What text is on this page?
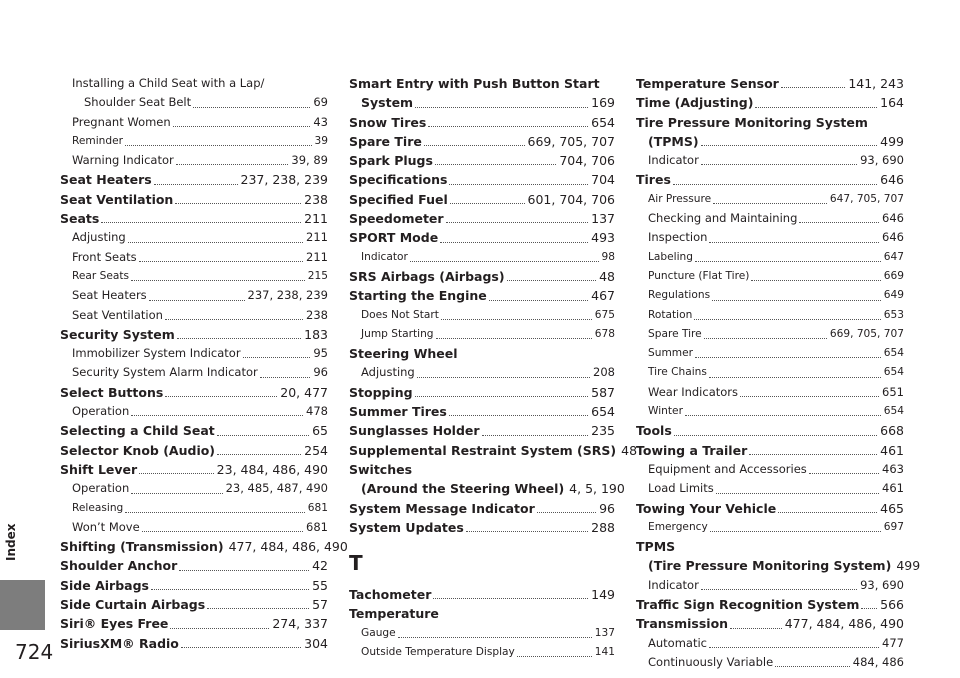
Index
724
Installing a Child Seat with a Lap/
Shoulder Seat Belt	69
Pregnant Women	43
Reminder	39
Warning Indicator	39, 89
Seat Heaters	237, 238, 239
Seat Ventilation	238
Seats	211
Adjusting	211
Front Seats	211
Rear Seats	215
Seat Heaters	237, 238, 239
Seat Ventilation	238
Security System	183
Immobilizer System Indicator	95
Security System Alarm Indicator	96
Select Buttons	20, 477
Operation	478
Selecting a Child Seat	65
Selector Knob (Audio)	254
Shift Lever	23, 484, 486, 490
Operation	23, 485, 487, 490
Releasing	681
Won’t Move	681
Shifting (Transmission) 477, 484, 486, 490
Shoulder Anchor	42
Side Airbags	55
Side Curtain Airbags	57
Siri® Eyes Free	274, 337
SiriusXM® Radio	304
Smart Entry with Push Button Start
System	169
Snow Tires	654
Spare Tire	669, 705, 707
Spark Plugs	704, 706
Specifications	704
Specified Fuel	601, 704, 706
Speedometer	137
SPORT Mode	493
Indicator	98
SRS Airbags (Airbags)	48
Starting the Engine	467
Does Not Start	675
Jump Starting	678
Steering Wheel
Adjusting	208
Stopping	587
Summer Tires	654
Sunglasses Holder	235
Supplemental Restraint System (SRS) 48
Switches
(Around the Steering Wheel) 4, 5, 190
System Message Indicator	96
System Updates	288
T
Tachometer	149
Temperature
Gauge	137
Outside Temperature Display	141
Temperature Sensor	141, 243
Time (Adjusting)	164
Tire Pressure Monitoring System
(TPMS)	499
Indicator	93, 690
Tires	646
Air Pressure	647, 705, 707
Checking and Maintaining	646
Inspection	646
Labeling	647
Puncture (Flat Tire)	669
Regulations	649
Rotation	653
Spare Tire	669, 705, 707
Summer	654
Tire Chains	654
Wear Indicators	651
Winter	654
Tools	668
Towing a Trailer	461
Equipment and Accessories	463
Load Limits	461
Towing Your Vehicle	465
Emergency	697
TPMS
(Tire Pressure Monitoring System) 499
Indicator	93, 690
Traffic Sign Recognition System 566
Transmission	477, 484, 486, 490
Automatic	477
Continuously Variable	484, 486
